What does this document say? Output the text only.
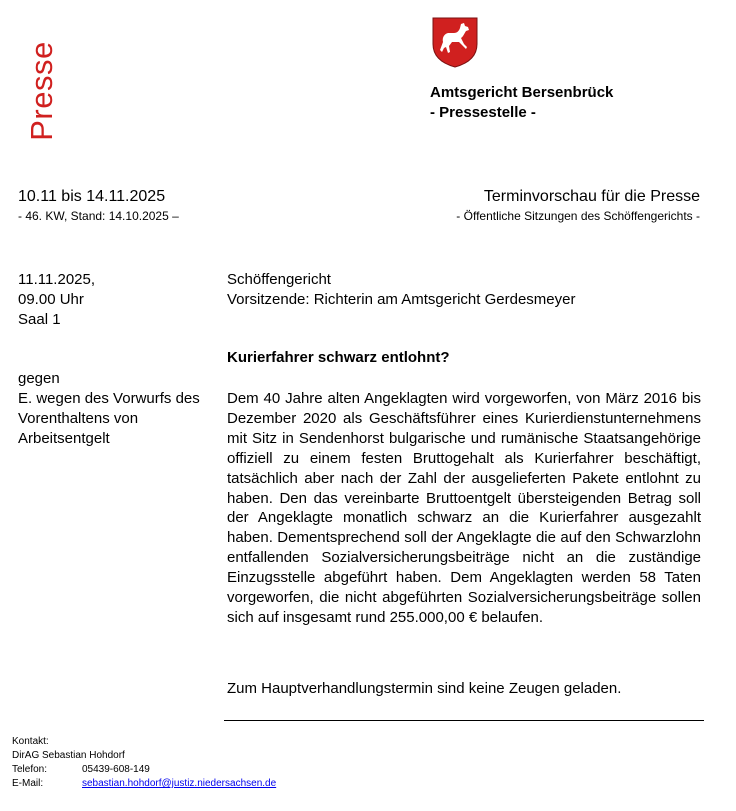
Presse	Amtsgericht Bersenbrück
- Pressestelle -
10.11 bis 14.11.2025
- 46. KW, Stand: 14.10.2025 –
Terminvorschau für die Presse
- Öffentliche Sitzungen des Schöffengerichts -
11.11.2025,
09.00 Uhr
Saal 1
Schöffengericht
Vorsitzende: Richterin am Amtsgericht Gerdesmeyer
gegen
E. wegen des Vorwurfs des Vorenthaltens von Arbeitsentgelt
Kurierfahrer schwarz entlohnt?

Dem 40 Jahre alten Angeklagten wird vorgeworfen, von März 2016 bis Dezember 2020 als Geschäftsführer eines Kurierdienstunternehmens mit Sitz in Sendenhorst bulgarische und rumänische Staatsangehörige offiziell zu einem festen Bruttogehalt als Kurierfahrer beschäftigt, tatsächlich aber nach der Zahl der ausgelieferten Pakete entlohnt zu haben. Den das vereinbarte Bruttoentgelt übersteigenden Betrag soll der Angeklagte monatlich schwarz an die Kurierfahrer ausgezahlt haben. Dementsprechend soll der Angeklagte die auf den Schwarzlohn entfallenden Sozialversicherungsbeiträge nicht an die zuständige Einzugsstelle abgeführt haben. Dem Angeklagten werden 58 Taten vorgeworfen, die nicht abgeführten Sozialversicherungsbeiträge sollen sich auf insgesamt rund 255.000,00 € belaufen.

Zum Hauptverhandlungstermin sind keine Zeugen geladen.
Kontakt:
DirAG Sebastian Hohdorf
Telefon:	05439-608-149
E-Mail:	sebastian.hohdorf@justiz.niedersachsen.de
